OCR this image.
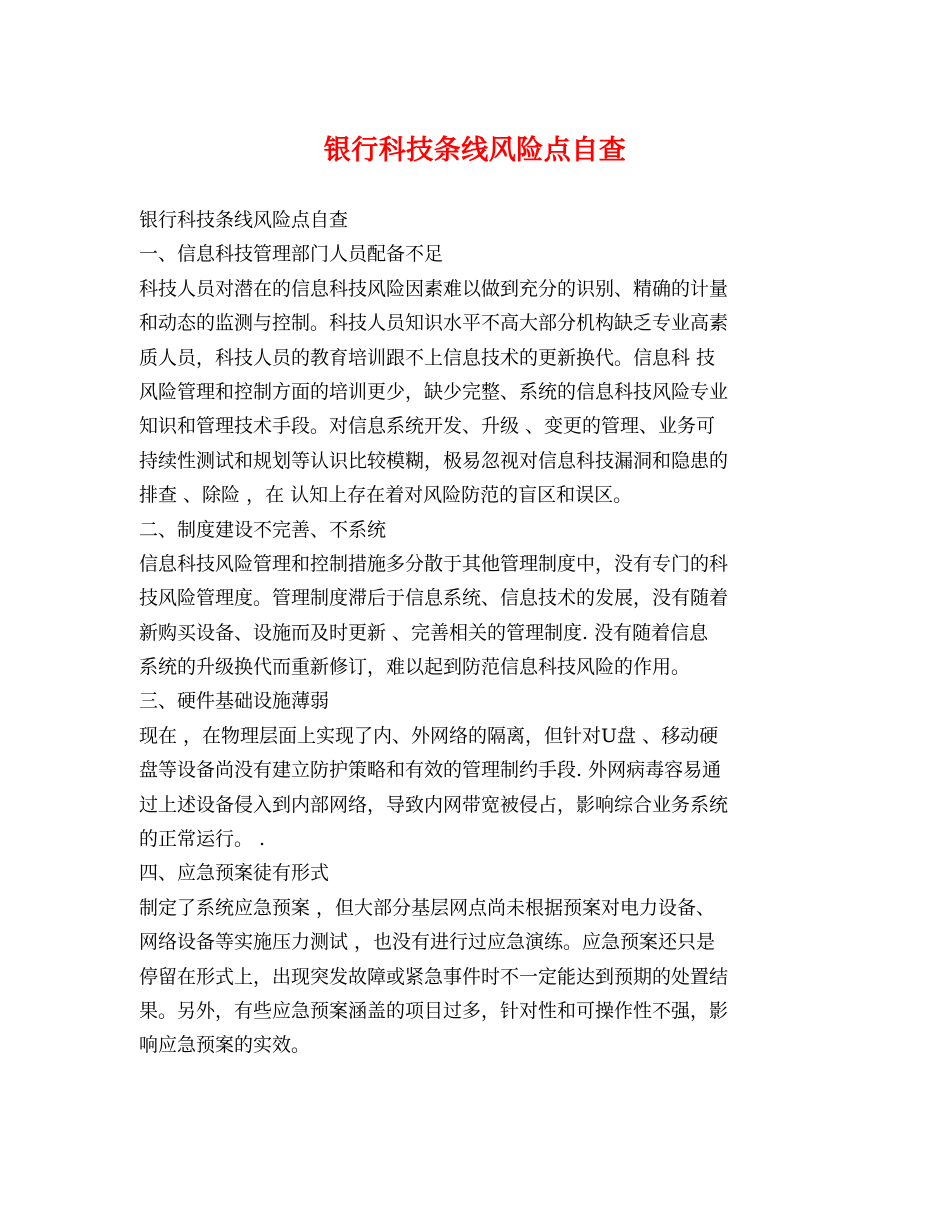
银行科技条线风险点自查
银行科技条线风险点自查
一、信息科技管理部门人员配备不足
科技人员对潜在的信息科技风险因素难以做到充分的识别、精确的计量
和动态的监测与控制。科技人员知识水平不高大部分机构缺乏专业高素
质人员，科技人员的教育培训跟不上信息技术的更新换代。信息科 技
风险管理和控制方面的培训更少，缺少完整、系统的信息科技风险专业
知识和管理技术手段。对信息系统开发、升级 、变更的管理、业务可
持续性测试和规划等认识比较模糊，极易忽视对信息科技漏洞和隐患的
排查 、除险 ，在 认知上存在着对风险防范的盲区和误区。
二、制度建设不完善、不系统
信息科技风险管理和控制措施多分散于其他管理制度中，没有专门的科
技风险管理度。管理制度滞后于信息系统、信息技术的发展，没有随着
新购买设备、设施而及时更新 、完善相关的管理制度. 没有随着信息
系统的升级换代而重新修订，难以起到防范信息科技风险的作用。
三、硬件基础设施薄弱
现在 ，在物理层面上实现了内、外网络的隔离，但针对U盘 、移动硬
盘等设备尚没有建立防护策略和有效的管理制约手段. 外网病毒容易通
过上述设备侵入到内部网络，导致内网带宽被侵占，影响综合业务系统
的正常运行。 .
四、应急预案徒有形式
制定了系统应急预案 ，但大部分基层网点尚未根据预案对电力设备、
网络设备等实施压力测试 ，也没有进行过应急演练。应急预案还只是
停留在形式上，出现突发故障或紧急事件时不一定能达到预期的处置结
果。另外，有些应急预案涵盖的项目过多，针对性和可操作性不强，影
响应急预案的实效。
